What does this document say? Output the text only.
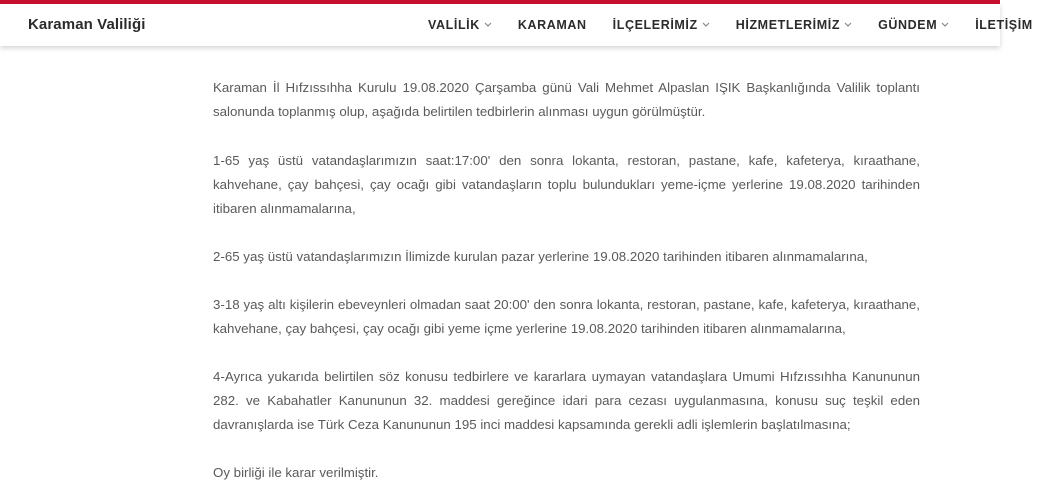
Karaman Valiliği	VALİLİK	KARAMAN İLÇELERİMİZ	HİZMETLERİMİZ	GÜNDEM	İLETİŞİM

Karaman İl Hıfzıssıhha Kurulu 19.08.2020 Çarşamba günü Vali Mehmet Alpaslan IŞIK Başkanlığında Valilik toplantı salonunda toplanmış olup, aşağıda belirtilen tedbirlerin alınması uygun görülmüştür.

1-65 yaş üstü vatandaşlarımızın saat:17:00' den sonra lokanta, restoran, pastane, kafe, kafeterya, kıraathane, kahvehane, çay bahçesi, çay ocağı gibi vatandaşların toplu bulundukları yeme-içme yerlerine 19.08.2020 tarihinden itibaren alınmamalarına,

2-65 yaş üstü vatandaşlarımızın İlimizde kurulan pazar yerlerine 19.08.2020 tarihinden itibaren alınmamalarına,

3-18 yaş altı kişilerin ebeveynleri olmadan saat 20:00' den sonra lokanta, restoran, pastane, kafe, kafeterya, kıraathane, kahvehane, çay bahçesi, çay ocağı gibi yeme içme yerlerine 19.08.2020 tarihinden itibaren alınmamalarına,

4-Ayrıca yukarıda belirtilen söz konusu tedbirlere ve kararlara uymayan vatandaşlara Umumi Hıfzıssıhha Kanununun 282. ve Kabahatler Kanununun 32. maddesi gereğince idari para cezası uygulanmasına, konusu suç teşkil eden davranışlarda ise Türk Ceza Kanununun 195 inci maddesi kapsamında gerekli adli işlemlerin başlatılmasına;

Oy birliği ile karar verilmiştir.
